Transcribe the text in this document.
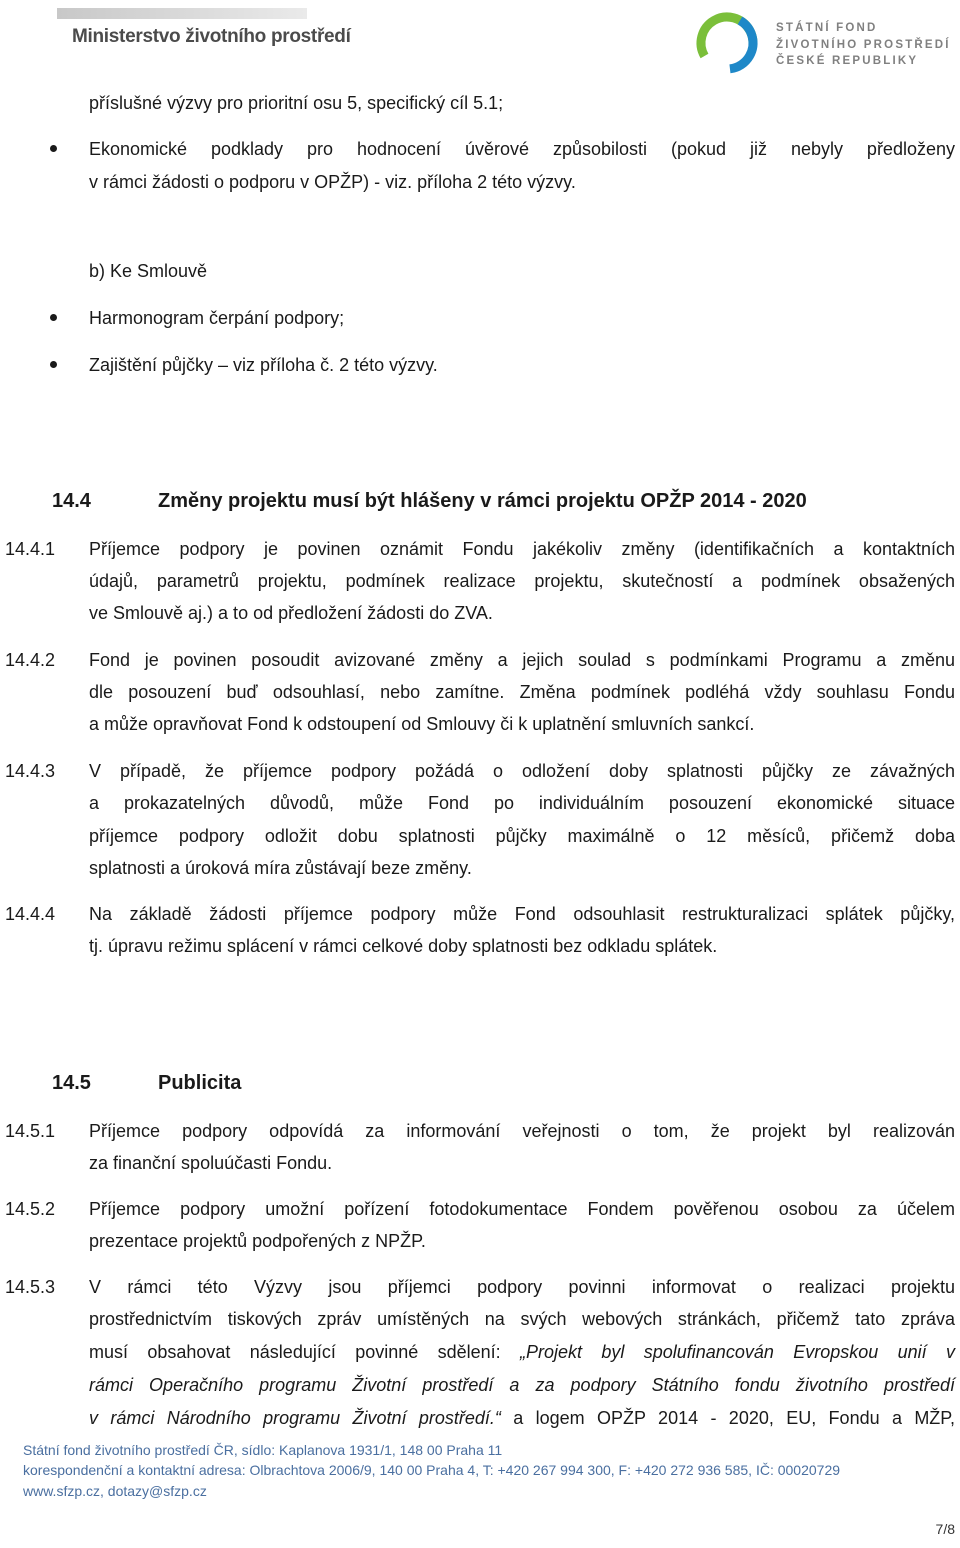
Ministerstvo životního prostředí	STÁTNÍ FOND
ŽIVOTNÍHO PROSTŘEDÍ
ČESKÉ REPUBLIKY
příslušné výzvy pro prioritní osu 5, specifický cíl 5.1;
Ekonomické podklady pro hodnocení úvěrové způsobilosti (pokud již nebyly předloženy
v rámci žádosti o podporu v OPŽP) - viz. příloha 2 této výzvy.
b) Ke Smlouvě
Harmonogram čerpání podpory;
Zajištění půjčky – viz příloha č. 2 této výzvy.
14.4	Změny projektu musí být hlášeny v rámci projektu OPŽP 2014 - 2020
14.4.1 Příjemce podpory je povinen oznámit Fondu jakékoliv změny (identifikačních a kontaktních
údajů, parametrů projektu, podmínek realizace projektu, skutečností a podmínek obsažených
ve Smlouvě aj.) a to od předložení žádosti do ZVA.
14.4.2 Fond je povinen posoudit avizované změny a jejich soulad s podmínkami Programu a změnu
dle posouzení buď odsouhlasí, nebo zamítne. Změna podmínek podléhá vždy souhlasu Fondu
a může opravňovat Fond k odstoupení od Smlouvy či k uplatnění smluvních sankcí.
14.4.3 V případě, že příjemce podpory požádá o odložení doby splatnosti půjčky ze závažných
a prokazatelných důvodů, může Fond po individuálním posouzení ekonomické situace
příjemce podpory odložit dobu splatnosti půjčky maximálně o 12 měsíců, přičemž doba
splatnosti a úroková míra zůstávají beze změny.
14.4.4 Na základě žádosti příjemce podpory může Fond odsouhlasit restrukturalizaci splátek půjčky,
tj. úpravu režimu splácení v rámci celkové doby splatnosti bez odkladu splátek.
14.5	Publicita
14.5.1 Příjemce podpory odpovídá za informování veřejnosti o tom, že projekt byl realizován
za finanční spoluúčasti Fondu.
14.5.2 Příjemce podpory umožní pořízení fotodokumentace Fondem pověřenou osobou za účelem
prezentace projektů podpořených z NPŽP.
14.5.3 V rámci této Výzvy jsou příjemci podpory povinni informovat o realizaci projektu
prostřednictvím tiskových zpráv umístěných na svých webových stránkách, přičemž tato zpráva
musí obsahovat následující povinné sdělení: „Projekt byl spolufinancován Evropskou unií v
rámci Operačního programu Životní prostředí a za podpory Státního fondu životního prostředí
v rámci Národního programu Životní prostředí.“ a logem OPŽP 2014 - 2020, EU, Fondu a MŽP,
Státní fond životního prostředí ČR, sídlo: Kaplanova 1931/1, 148 00 Praha 11
korespondenční a kontaktní adresa: Olbrachtova 2006/9, 140 00 Praha 4, T: +420 267 994 300, F: +420 272 936 585, IČ: 00020729
www.sfzp.cz, dotazy@sfzp.cz
7/8
